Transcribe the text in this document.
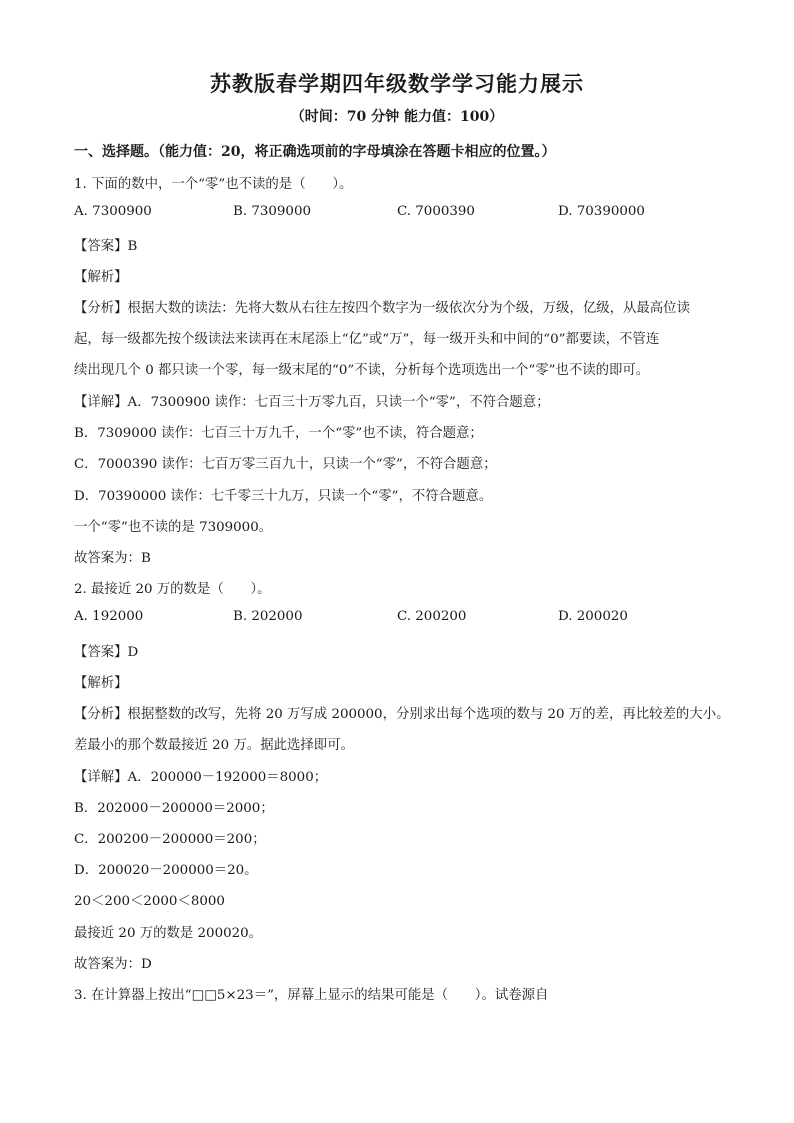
苏教版春学期四年级数学学习能力展示
（时间：70 分钟 能力值：100）
一、选择题。（能力值：20，将正确选项前的字母填涂在答题卡相应的位置。）
1. 下面的数中，一个“零”也不读的是（　　）。
A. 7300900	B. 7309000	C. 7000390	D. 70390000
【答案】B
【解析】
【分析】根据大数的读法：先将大数从右往左按四个数字为一级依次分为个级，万级，亿级，从最高位读
起，每一级都先按个级读法来读再在末尾添上“亿”或“万”，每一级开头和中间的“0”都要读，不管连
续出现几个 0 都只读一个零，每一级末尾的“0”不读，分析每个选项选出一个“零”也不读的即可。
【详解】A．7300900 读作：七百三十万零九百，只读一个“零”，不符合题意；
B．7309000 读作：七百三十万九千，一个“零”也不读，符合题意；
C．7000390 读作：七百万零三百九十，只读一个“零”，不符合题意；
D．70390000 读作：七千零三十九万，只读一个“零”，不符合题意。
一个“零”也不读的是 7309000。
故答案为：B
2. 最接近 20 万的数是（　　）。
A. 192000	B. 202000	C. 200200	D. 200020
【答案】D
【解析】
【分析】根据整数的改写，先将 20 万写成 200000，分别求出每个选项的数与 20 万的差，再比较差的大小。
差最小的那个数最接近 20 万。据此选择即可。
【详解】A．200000－192000＝8000；
B．202000－200000＝2000；
C．200200－200000＝200；
D．200020－200000＝20。
20＜200＜2000＜8000
最接近 20 万的数是 200020。
故答案为：D
3. 在计算器上按出“□□5×23＝”，屏幕上显示的结果可能是（　　）。试卷源自
